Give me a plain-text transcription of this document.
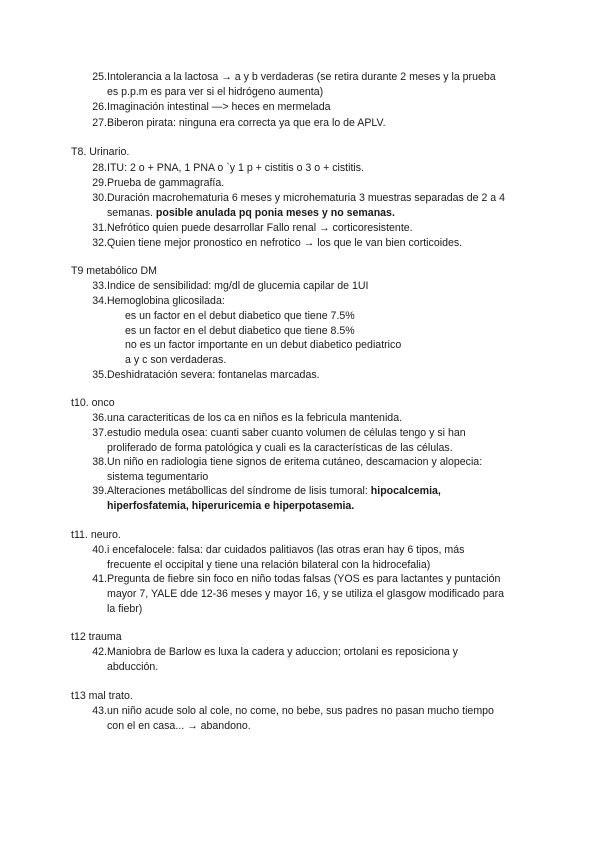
25. Intolerancia a la lactosa → a y b verdaderas (se retira durante 2 meses y la prueba
es p.p.m es para ver si el hidrógeno aumenta)
26. Imaginación intestinal —> heces en mermelada
27. Biberon pirata: ninguna era correcta ya que era lo de APLV.
T8. Urinario.
28. ITU: 2 o + PNA, 1 PNA o `y 1 p + cistitis o 3 o + cistitis.
29. Prueba de gammagrafía.
30. Duración macrohematuria 6 meses y microhematuria 3 muestras separadas de 2 a 4
semanas. posible anulada pq ponia meses y no semanas.
31. Nefrótico quien puede desarrollar Fallo renal → corticoresistente.
32. Quien tiene mejor pronostico en nefrotico → los que le van bien corticoides.
T9 metabólico DM
33. Indice de sensibilidad: mg/dl de glucemia capilar de 1UI
34. Hemoglobina glicosilada:
es un factor en el debut diabetico que tiene 7.5%
es un factor en el debut diabetico que tiene 8.5%
no es un factor importante en un debut diabetico pediatrico
a y c son verdaderas.
35. Deshidratación severa: fontanelas marcadas.
t10. onco
36. una caracteriticas de los ca en niños es la febricula mantenida.
37. estudio medula osea: cuanti saber cuanto volumen de células tengo y si han
proliferado de forma patológica y cuali es la características de las células.
38. Un niño en radiologia tiene signos de eritema cutáneo, descamacion y alopecia:
sistema tegumentario
39. Alteraciones metábollicas del síndrome de lisis tumoral: hipocalcemia,
hiperfosfatemia, hiperuricemia e hiperpotasemia.
t11. neuro.
40. i encefalocele: falsa: dar cuidados palitiavos (las otras eran hay 6 tipos, más
frecuente el occipital y tiene una relación bilateral con la hidrocefalia)
41. Pregunta de fiebre sin foco en niño todas falsas (YOS es para lactantes y puntación
mayor 7, YALE dde 12-36 meses y mayor 16, y se utiliza el glasgow modificado para
la fiebr)
t12 trauma
42. Maniobra de Barlow es luxa la cadera y aduccion; ortolani es reposiciona y
abducción.
t13 mal trato.
43. un niño acude solo al cole, no come, no bebe, sus padres no pasan mucho tiempo
con el en casa... → abandono.
